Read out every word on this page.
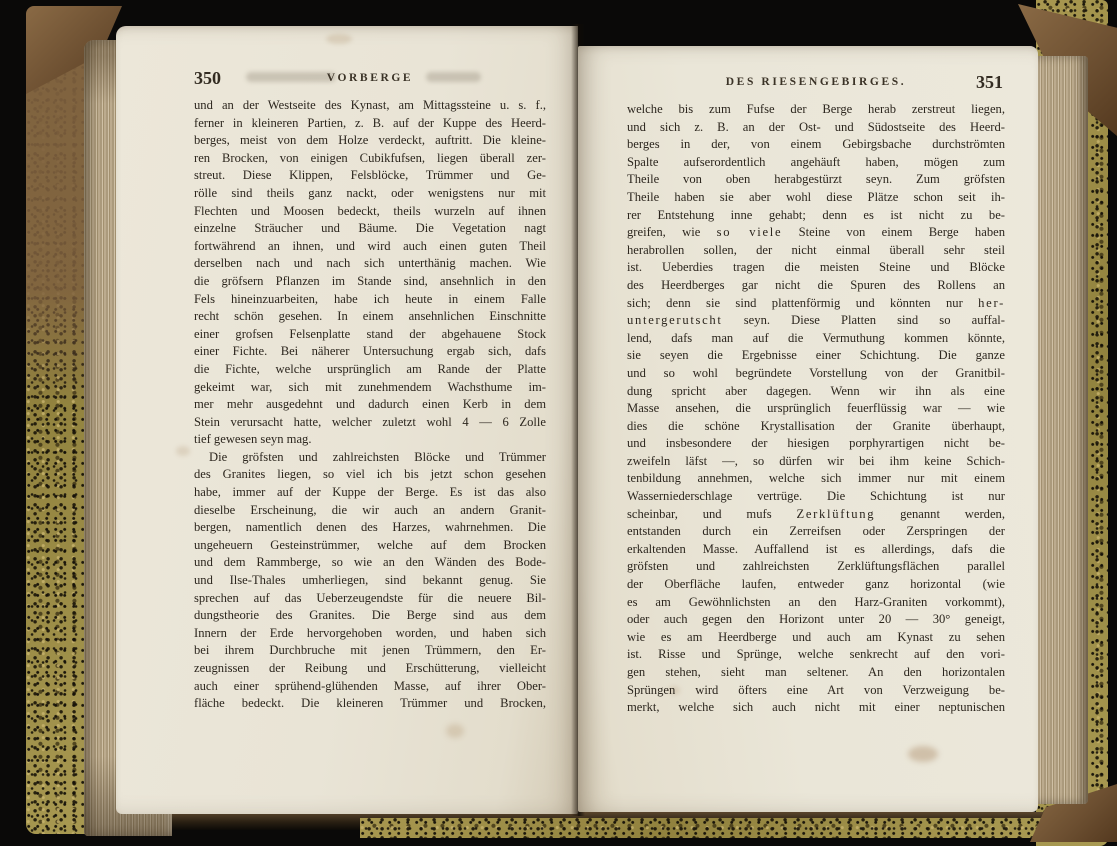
350	VORBERGE
und an der Westseite des Kynast, am Mittagssteine u. s. f.,
ferner in kleineren Partien, z. B. auf der Kuppe des Heerd-
berges, meist von dem Holze verdeckt, auftritt. Die kleine-
ren Brocken, von einigen Cubikfufsen, liegen überall zer-
streut. Diese Klippen, Felsblöcke, Trümmer und Ge-
rölle sind theils ganz nackt, oder wenigstens nur mit
Flechten und Moosen bedeckt, theils wurzeln auf ihnen
einzelne Sträucher und Bäume. Die Vegetation nagt
fortwährend an ihnen, und wird auch einen guten Theil
derselben nach und nach sich unterthänig machen. Wie
die gröfsern Pflanzen im Stande sind, ansehnlich in den
Fels hineinzuarbeiten, habe ich heute in einem Falle
recht schön gesehen. In einem ansehnlichen Einschnitte
einer grofsen Felsenplatte stand der abgehauene Stock
einer Fichte. Bei näherer Untersuchung ergab sich, dafs
die Fichte, welche ursprünglich am Rande der Platte
gekeimt war, sich mit zunehmendem Wachsthume im-
mer mehr ausgedehnt und dadurch einen Kerb in dem
Stein verursacht hatte, welcher zuletzt wohl 4 — 6 Zolle
tief gewesen seyn mag.
Die gröfsten und zahlreichsten Blöcke und Trümmer
des Granites liegen, so viel ich bis jetzt schon gesehen
habe, immer auf der Kuppe der Berge. Es ist das also
dieselbe Erscheinung, die wir auch an andern Granit-
bergen, namentlich denen des Harzes, wahrnehmen. Die
ungeheuern Gesteinstrümmer, welche auf dem Brocken
und dem Rammberge, so wie an den Wänden des Bode-
und Ilse-Thales umherliegen, sind bekannt genug. Sie
sprechen auf das Ueberzeugendste für die neuere Bil-
dungstheorie des Granites. Die Berge sind aus dem
Innern der Erde hervorgehoben worden, und haben sich
bei ihrem Durchbruche mit jenen Trümmern, den Er-
zeugnissen der Reibung und Erschütterung, vielleicht
auch einer sprühend-glühenden Masse, auf ihrer Ober-
fläche bedeckt. Die kleineren Trümmer und Brocken,
DES RIESENGEBIRGES.	351
welche bis zum Fufse der Berge herab zerstreut liegen,
und sich z. B. an der Ost- und Südostseite des Heerd-
berges in der, von einem Gebirgsbache durchströmten
Spalte aufserordentlich angehäuft haben, mögen zum
Theile von oben herabgestürzt seyn. Zum gröfsten
Theile haben sie aber wohl diese Plätze schon seit ih-
rer Entstehung inne gehabt; denn es ist nicht zu be-
greifen, wie so viele Steine von einem Berge haben
herabrollen sollen, der nicht einmal überall sehr steil
ist. Ueberdies tragen die meisten Steine und Blöcke
des Heerdberges gar nicht die Spuren des Rollens an
sich; denn sie sind plattenförmig und könnten nur her-
untergerutscht seyn. Diese Platten sind so auffal-
lend, dafs man auf die Vermuthung kommen könnte,
sie seyen die Ergebnisse einer Schichtung. Die ganze
und so wohl begründete Vorstellung von der Granitbil-
dung spricht aber dagegen. Wenn wir ihn als eine
Masse ansehen, die ursprünglich feuerflüssig war — wie
dies die schöne Krystallisation der Granite überhaupt,
und insbesondere der hiesigen porphyrartigen nicht be-
zweifeln läfst —, so dürfen wir bei ihm keine Schich-
tenbildung annehmen, welche sich immer nur mit einem
Wasserniederschlage vertrüge. Die Schichtung ist nur
scheinbar, und mufs Zerklüftung genannt werden,
entstanden durch ein Zerreifsen oder Zerspringen der
erkaltenden Masse. Auffallend ist es allerdings, dafs die
gröfsten und zahlreichsten Zerklüftungsflächen parallel
der Oberfläche laufen, entweder ganz horizontal (wie
es am Gewöhnlichsten an den Harz-Graniten vorkommt),
oder auch gegen den Horizont unter 20 — 30° geneigt,
wie es am Heerdberge und auch am Kynast zu sehen
ist. Risse und Sprünge, welche senkrecht auf den vori-
gen stehen, sieht man seltener. An den horizontalen
Sprüngen wird öfters eine Art von Verzweigung be-
merkt, welche sich auch nicht mit einer neptunischen
